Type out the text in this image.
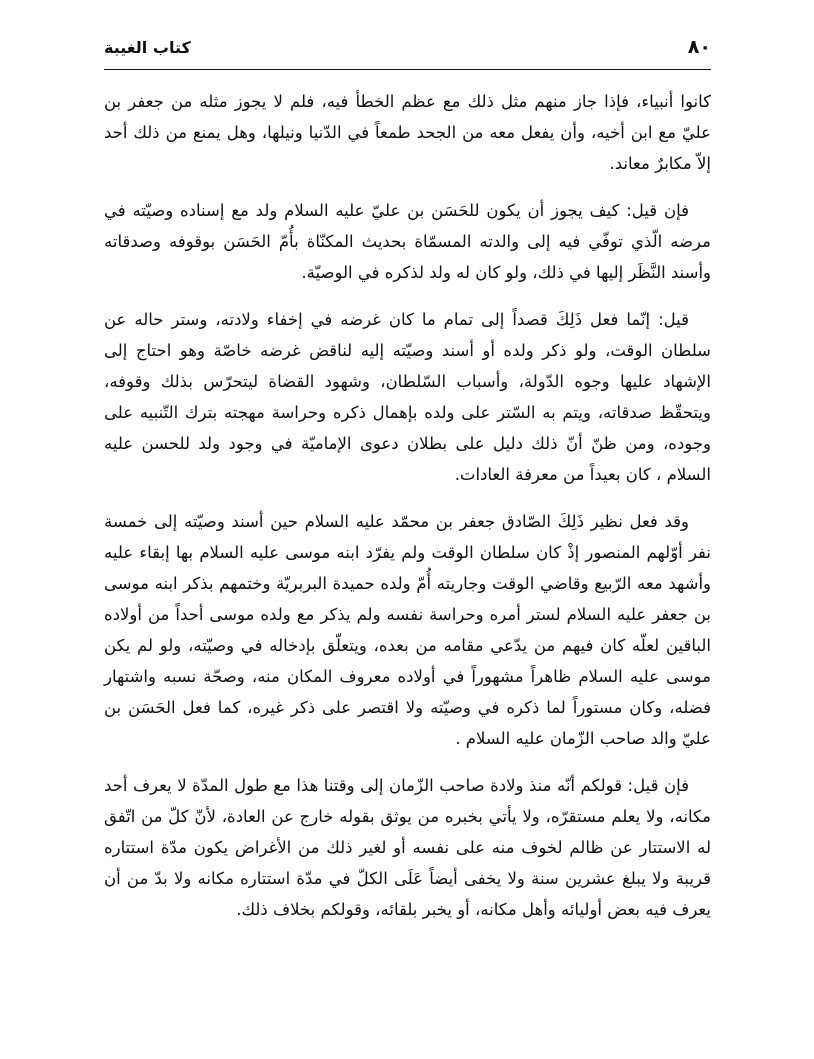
٨٠
كتاب الغيبة

كانوا أنبياء، فإذا جاز منهم مثل ذلك مع عظم الخطأ فيه، فلم لا يجوز مثله من جعفر بن عليّ مع ابن أخيه، وأن يفعل معه من الجحد طمعاً في الدّنيا ونيلها، وهل يمنع من ذلك أحد إلاّ مكابرٌ معاند.

فإن قيل: كيف يجوز أن يكون للحَسَن بن عليّ عليه السلام ولد مع إسناده وصيّته في مرضه الّذي توفّي فيه إلى والدته المسمّاة بحديث المكنّاة بأُمّ الحَسَن بوقوفه وصدقاته وأسند النَّظَر إليها في ذلك، ولو كان له ولد لذكره في الوصيّة.

قيل: إنّما فعل ذَلِكَ قصداً إلى تمام ما كان غرضه في إخفاء ولادته، وستر حاله عن سلطان الوقت، ولو ذكر ولده أو أسند وصيّته إليه لناقض غرضه خاصّة وهو احتاج إلى الإشهاد عليها وجوه الدّولة، وأسباب السّلطان، وشهود القضاة ليتحرّس بذلك وقوفه، ويتحقّظ صدقاته، ويتم به السّتر على ولده بإهمال ذكره وحراسة مهجته بترك التّنبيه على وجوده، ومن ظنّ أنّ ذلك دليل على بطلان دعوى الإماميّة في وجود ولد للحسن عليه السلام ، كان بعيداً من معرفة العادات.

وقد فعل نظير ذَلِكَ الصّادق جعفر بن محمّد عليه السلام حين أسند وصيّته إلى خمسة نفر أوّلهم المنصور إذْ كان سلطان الوقت ولم يفرّد ابنه موسى عليه السلام بها إبقاء عليه وأشهد معه الرّبيع وقاضي الوقت وجاريته أُمّ ولده حميدة البربريّة وختمهم بذكر ابنه موسى بن جعفر عليه السلام لستر أمره وحراسة نفسه ولم يذكر مع ولده موسى أحداً من أولاده الباقين لعلّه كان فيهم من يدّعي مقامه من بعده، ويتعلّق بإدخاله في وصيّته، ولو لم يكن موسى عليه السلام ظاهراً مشهوراً في أولاده معروف المكان منه، وصحّة نسبه واشتهار فضله، وكان مستوراً لما ذكره في وصيّته ولا اقتصر على ذكر غيره، كما فعل الحَسَن بن عليّ والد صاحب الزّمان عليه السلام .

فإن قيل: قولكم أنّه منذ ولادة صاحب الزّمان إلى وقتنا هذا مع طول المدّة لا يعرف أحد مكانه، ولا يعلم مستقرّه، ولا يأتي بخبره من يوثق بقوله خارج عن العادة، لأنّ كلّ من اتّفق له الاستتار عن ظالم لخوف منه على نفسه أو لغير ذلك من الأغراض يكون مدّة استتاره قريبة ولا يبلغ عشرين سنة ولا يخفى أيضاً عَلَى الكلّ في مدّة استتاره مكانه ولا بدّ من أن يعرف فيه بعض أوليائه وأهل مكانه، أو يخبر بلقائه، وقولكم بخلاف ذلك.
